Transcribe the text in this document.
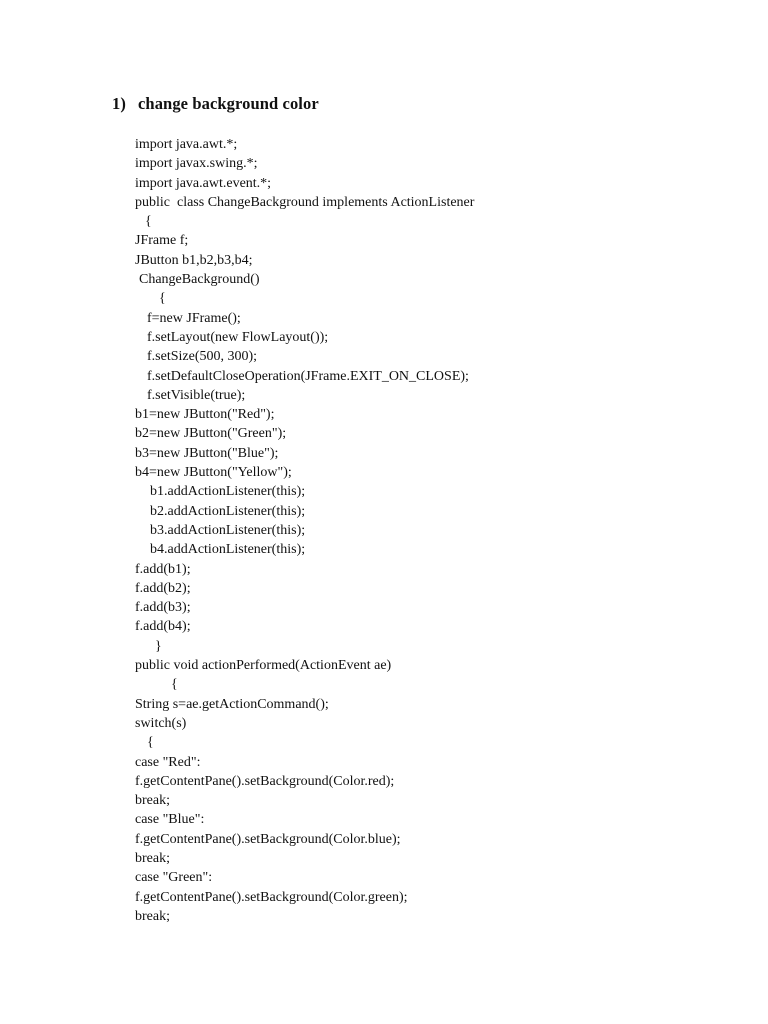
1) change background color
import java.awt.*;
import javax.swing.*;
import java.awt.event.*;
public  class ChangeBackground implements ActionListener
{
JFrame f;
JButton b1,b2,b3,b4;
ChangeBackground()
{
f=new JFrame();
f.setLayout(new FlowLayout());
f.setSize(500, 300);
f.setDefaultCloseOperation(JFrame.EXIT_ON_CLOSE);
f.setVisible(true);
b1=new JButton("Red");
b2=new JButton("Green");
b3=new JButton("Blue");
b4=new JButton("Yellow");
b1.addActionListener(this);
b2.addActionListener(this);
b3.addActionListener(this);
b4.addActionListener(this);
f.add(b1);
f.add(b2);
f.add(b3);
f.add(b4);
}
public void actionPerformed(ActionEvent ae)
{
String s=ae.getActionCommand();
switch(s)
{
case "Red":
f.getContentPane().setBackground(Color.red);
break;
case "Blue":
f.getContentPane().setBackground(Color.blue);
break;
case "Green":
f.getContentPane().setBackground(Color.green);
break;
